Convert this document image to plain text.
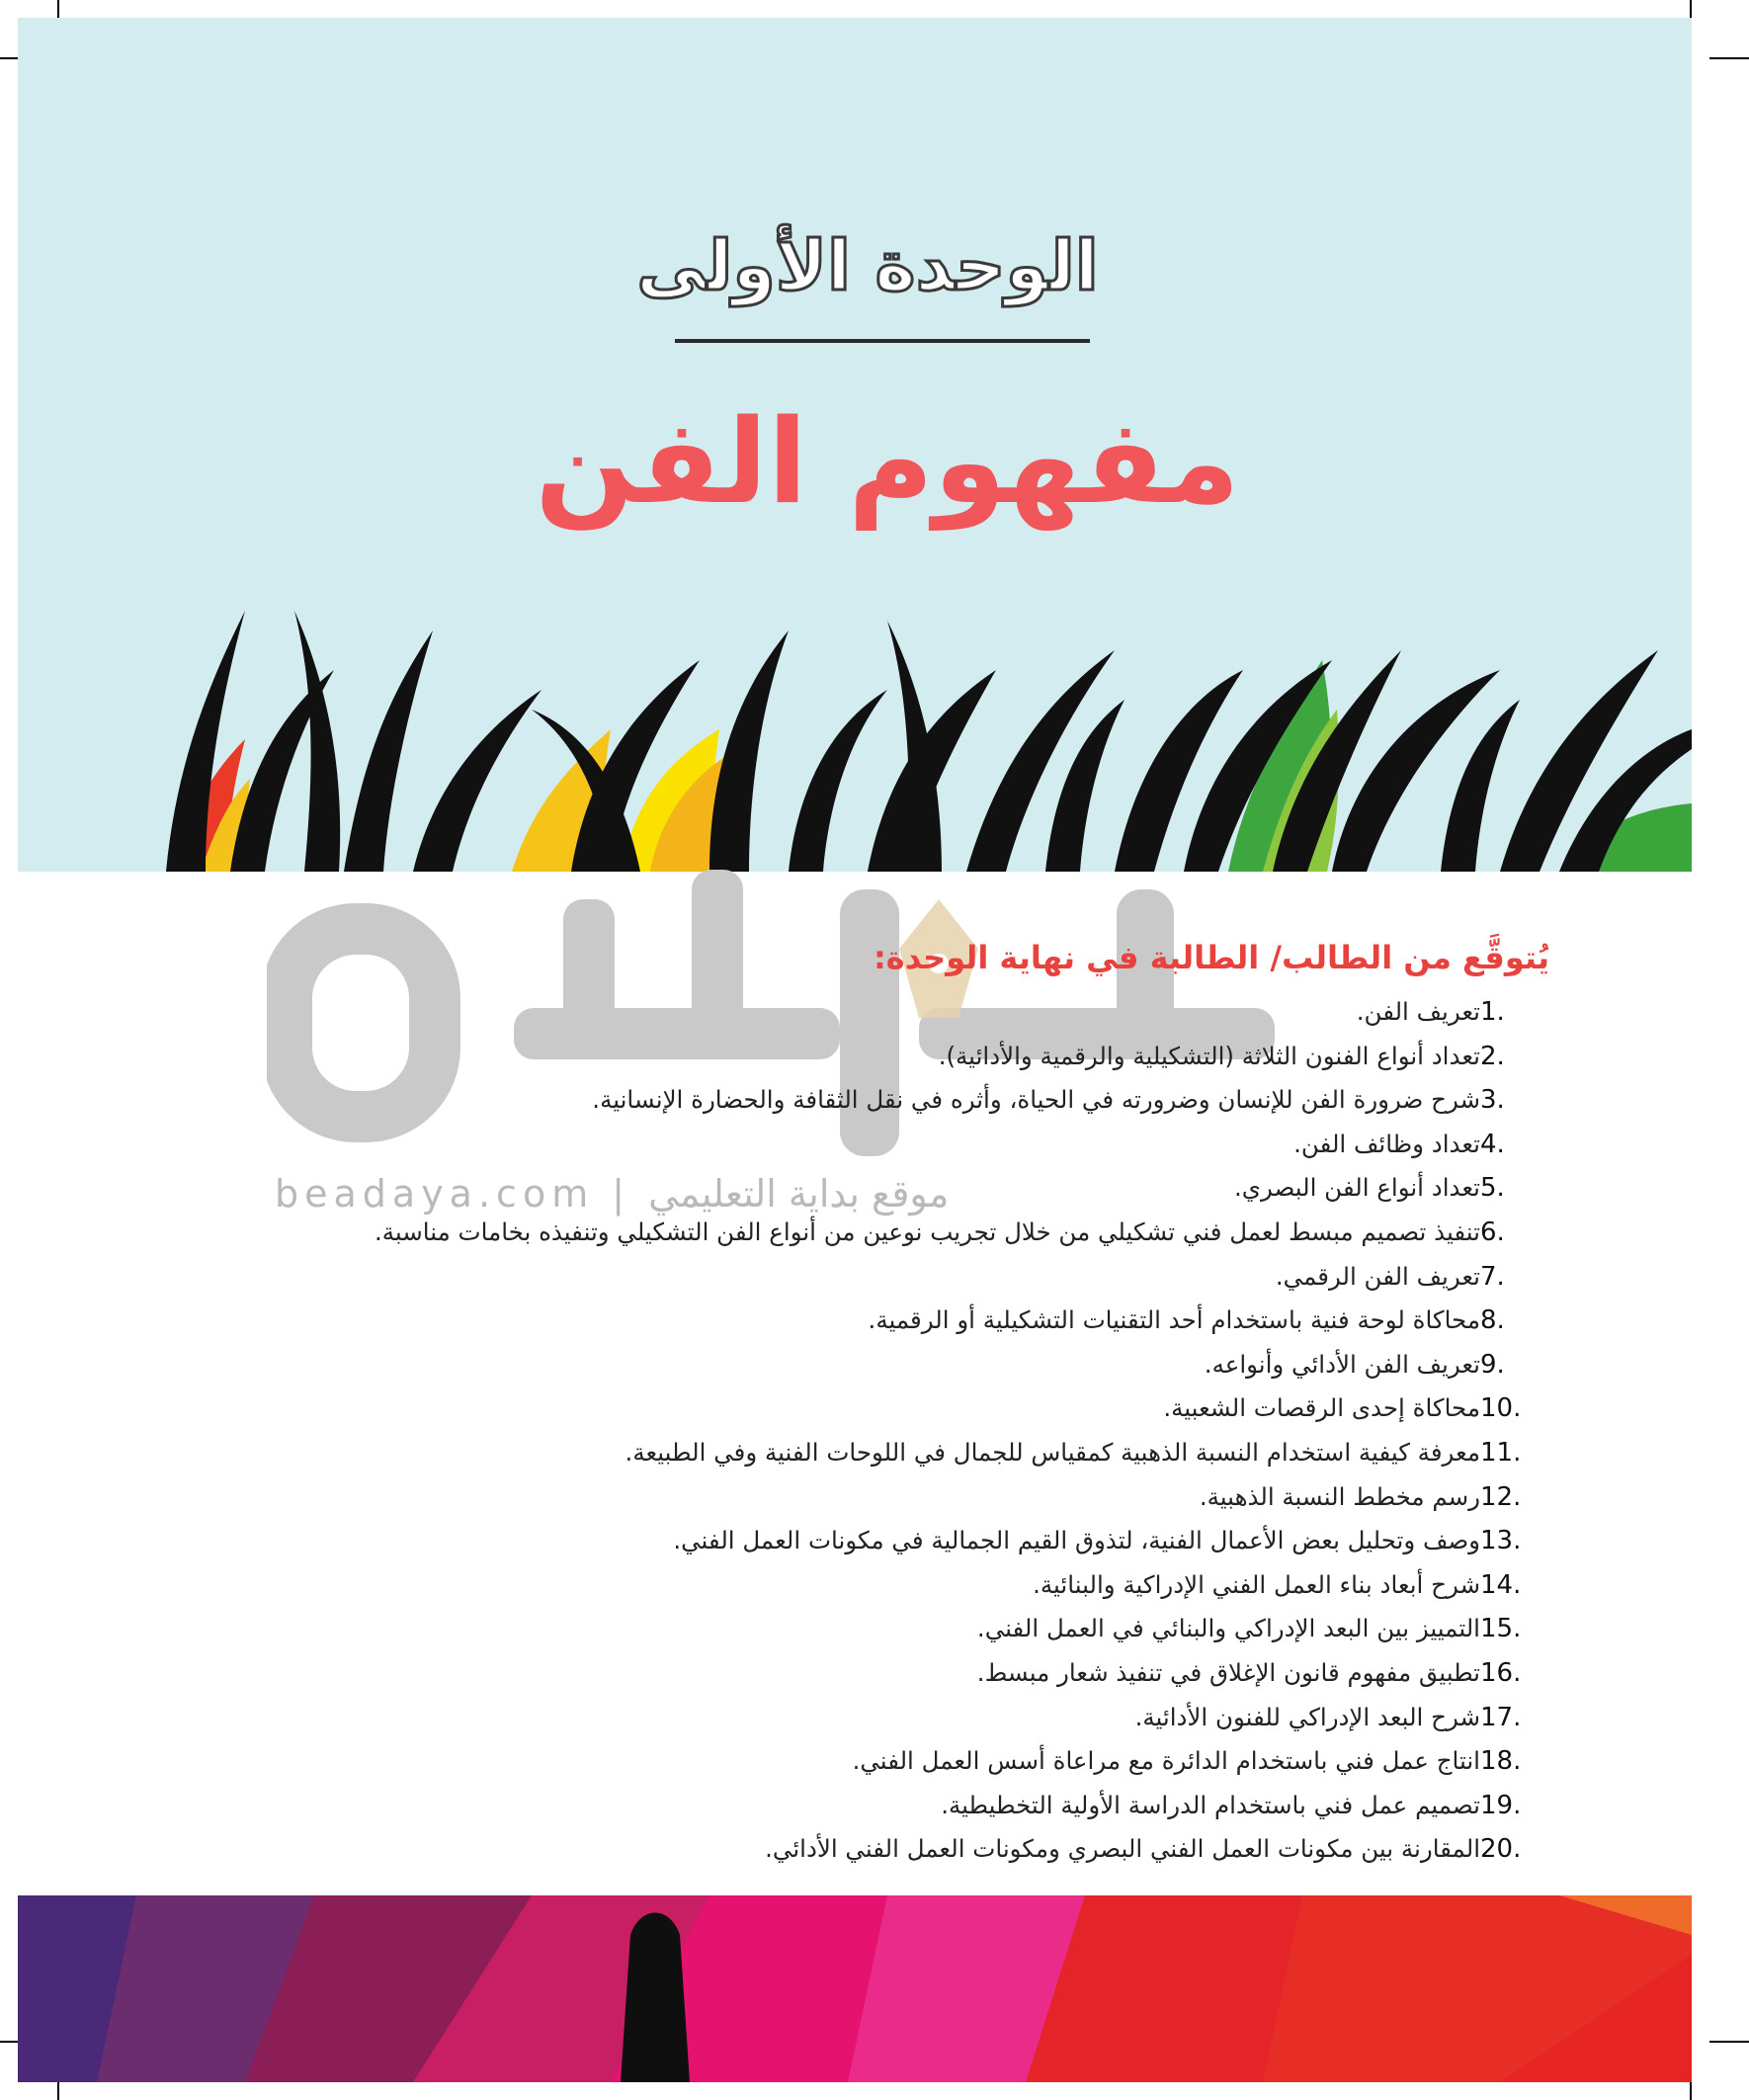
الوحدة الأولى
مفهوم الفن
beadaya.com | موقع بداية التعليمي
يُتوقَّع من الطالب/ الطالبة في نهاية الوحدة:
1.تعريف الفن.
2.تعداد أنواع الفنون الثلاثة (التشكيلية والرقمية والأدائية).
3.شرح ضرورة الفن للإنسان وضرورته في الحياة، وأثره في نقل الثقافة والحضارة الإنسانية.
4.تعداد وظائف الفن.
5.تعداد أنواع الفن البصري.
6.تنفيذ تصميم مبسط لعمل فني تشكيلي من خلال تجريب نوعين من أنواع الفن التشكيلي وتنفيذه بخامات مناسبة.
7.تعريف الفن الرقمي.
8.محاكاة لوحة فنية باستخدام أحد التقنيات التشكيلية أو الرقمية.
9.تعريف الفن الأدائي وأنواعه.
10.محاكاة إحدى الرقصات الشعبية.
11.معرفة كيفية استخدام النسبة الذهبية كمقياس للجمال في اللوحات الفنية وفي الطبيعة.
12.رسم مخطط النسبة الذهبية.
13.وصف وتحليل بعض الأعمال الفنية، لتذوق القيم الجمالية في مكونات العمل الفني.
14.شرح أبعاد بناء العمل الفني الإدراكية والبنائية.
15.التمييز بين البعد الإدراكي والبنائي في العمل الفني.
16.تطبيق مفهوم قانون الإغلاق في تنفيذ شعار مبسط.
17.شرح البعد الإدراكي للفنون الأدائية.
18.انتاج عمل فني باستخدام الدائرة مع مراعاة أسس العمل الفني.
19.تصميم عمل فني باستخدام الدراسة الأولية التخطيطية.
20.المقارنة بين مكونات العمل الفني البصري ومكونات العمل الفني الأدائي.
